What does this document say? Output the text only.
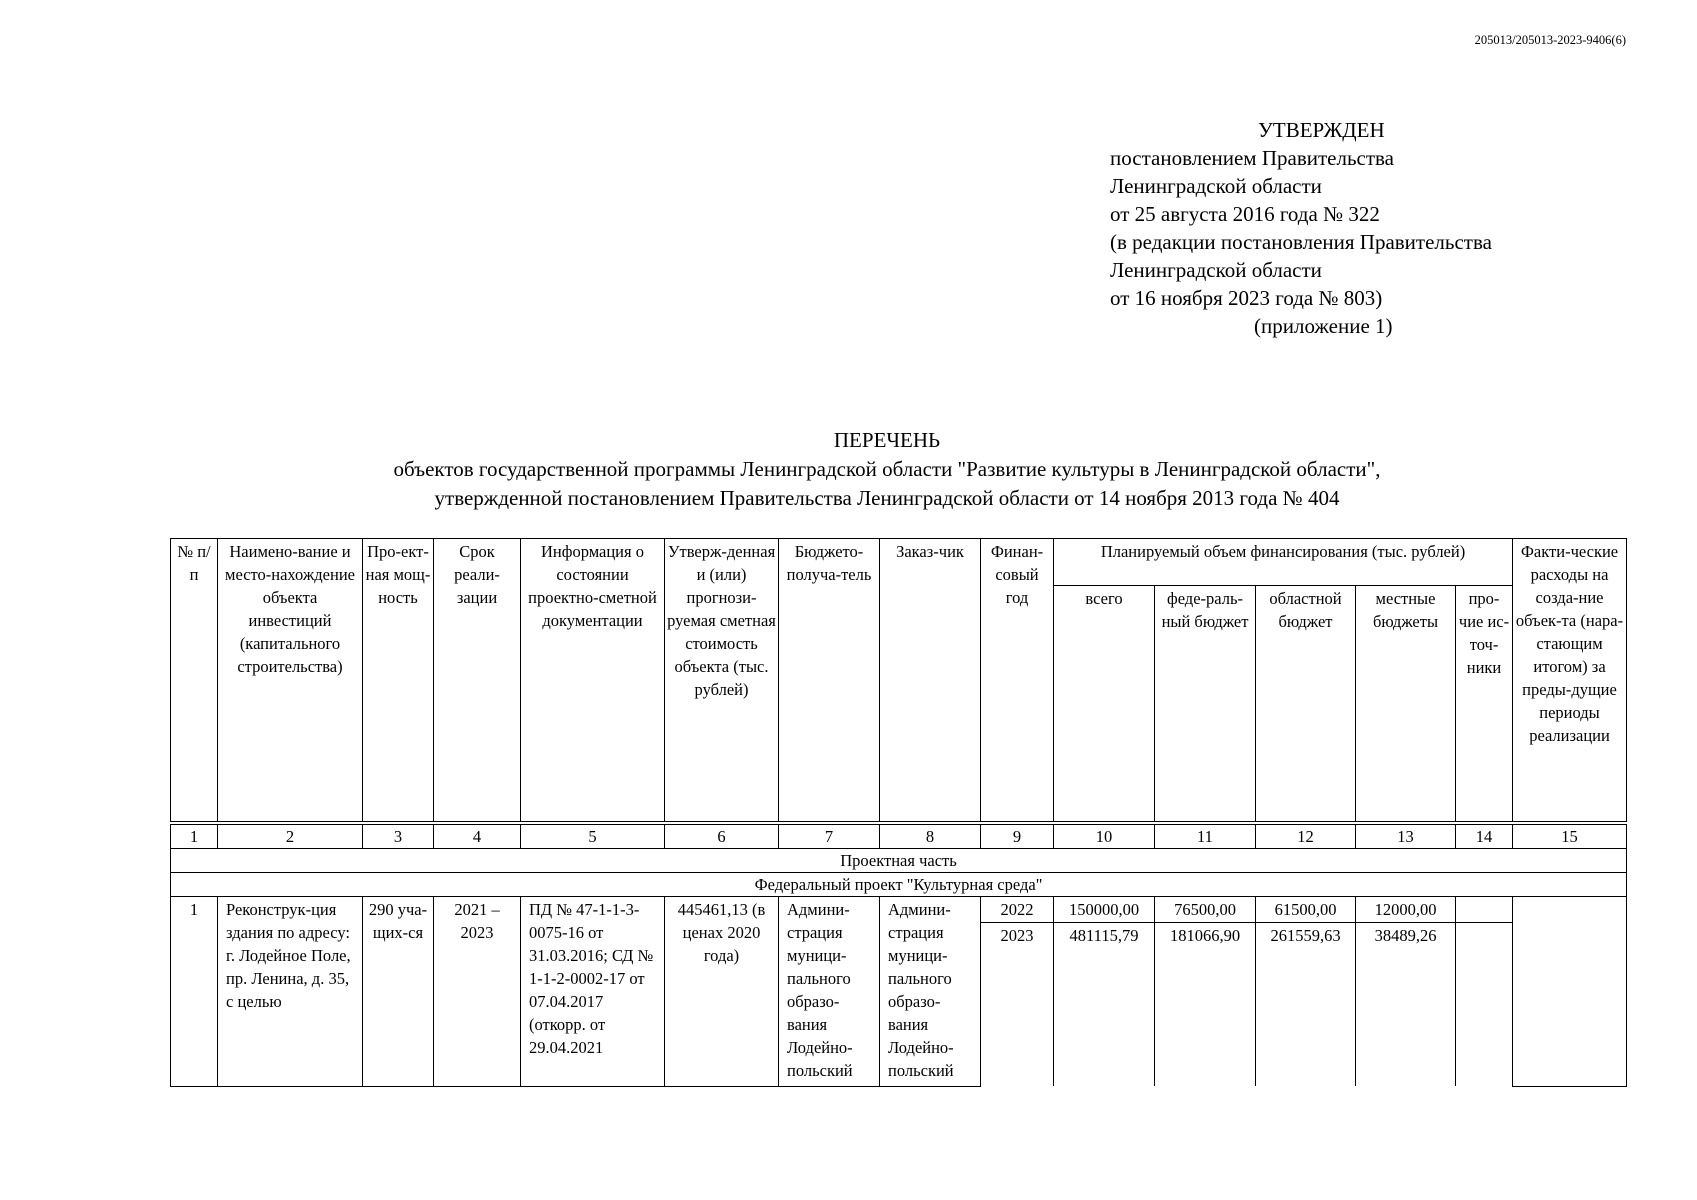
205013/205013-2023-9406(6)
УТВЕРЖДЕН
постановлением Правительства
Ленинградской области
от 25 августа 2016 года № 322
(в редакции постановления Правительства
Ленинградской области
от 16 ноября 2023 года № 803)
(приложение 1)
ПЕРЕЧЕНЬ
объектов государственной программы Ленинградской области "Развитие культуры в Ленинградской области",
утвержденной постановлением Правительства Ленинградской области от 14 ноября 2013 года № 404
№ п/п	Наимено-вание и место-нахождение объекта инвестиций (капитального строительства)	Про-ект-ная мощ-ность	Срок реали-зации	Информация о состоянии проектно-сметной документации	Утверж-денная и (или) прогнози-руемая сметная стоимость объекта (тыс. рублей)	Бюджето-получа-тель	Заказ-чик	Финан-совый год	Планируемый объем финансирования (тыс. рублей)					Факти-ческие расходы на созда-ние объек-та (нара-стающим итогом) за преды-дущие периоды реализации
									всего	феде-раль-ный бюджет	областной бюджет	местные бюджеты	про-чие ис-точ-ники	
1	2	3	4	5	6	7	8	9	10	11	12	13	14	15
Проектная часть														
Федеральный проект "Культурная среда"														
1	Реконструк-ция здания по адресу: г. Лодейное Поле, пр. Ленина, д. 35, с целью	290 уча-щих-ся	2021 – 2023	ПД № 47-1-1-3-0075-16 от 31.03.2016; СД № 1-1-2-0002-17 от 07.04.2017 (откорр. от 29.04.2021	445461,13 (в ценах 2020 года)	Админи-страция муници-пального образо-вания Лодейно-польский	Админи-страция муници-пального образо-вания Лодейно-польский	2022	150000,00	76500,00	61500,00	12000,00		
								2023	481115,79	181066,90	261559,63	38489,26		
